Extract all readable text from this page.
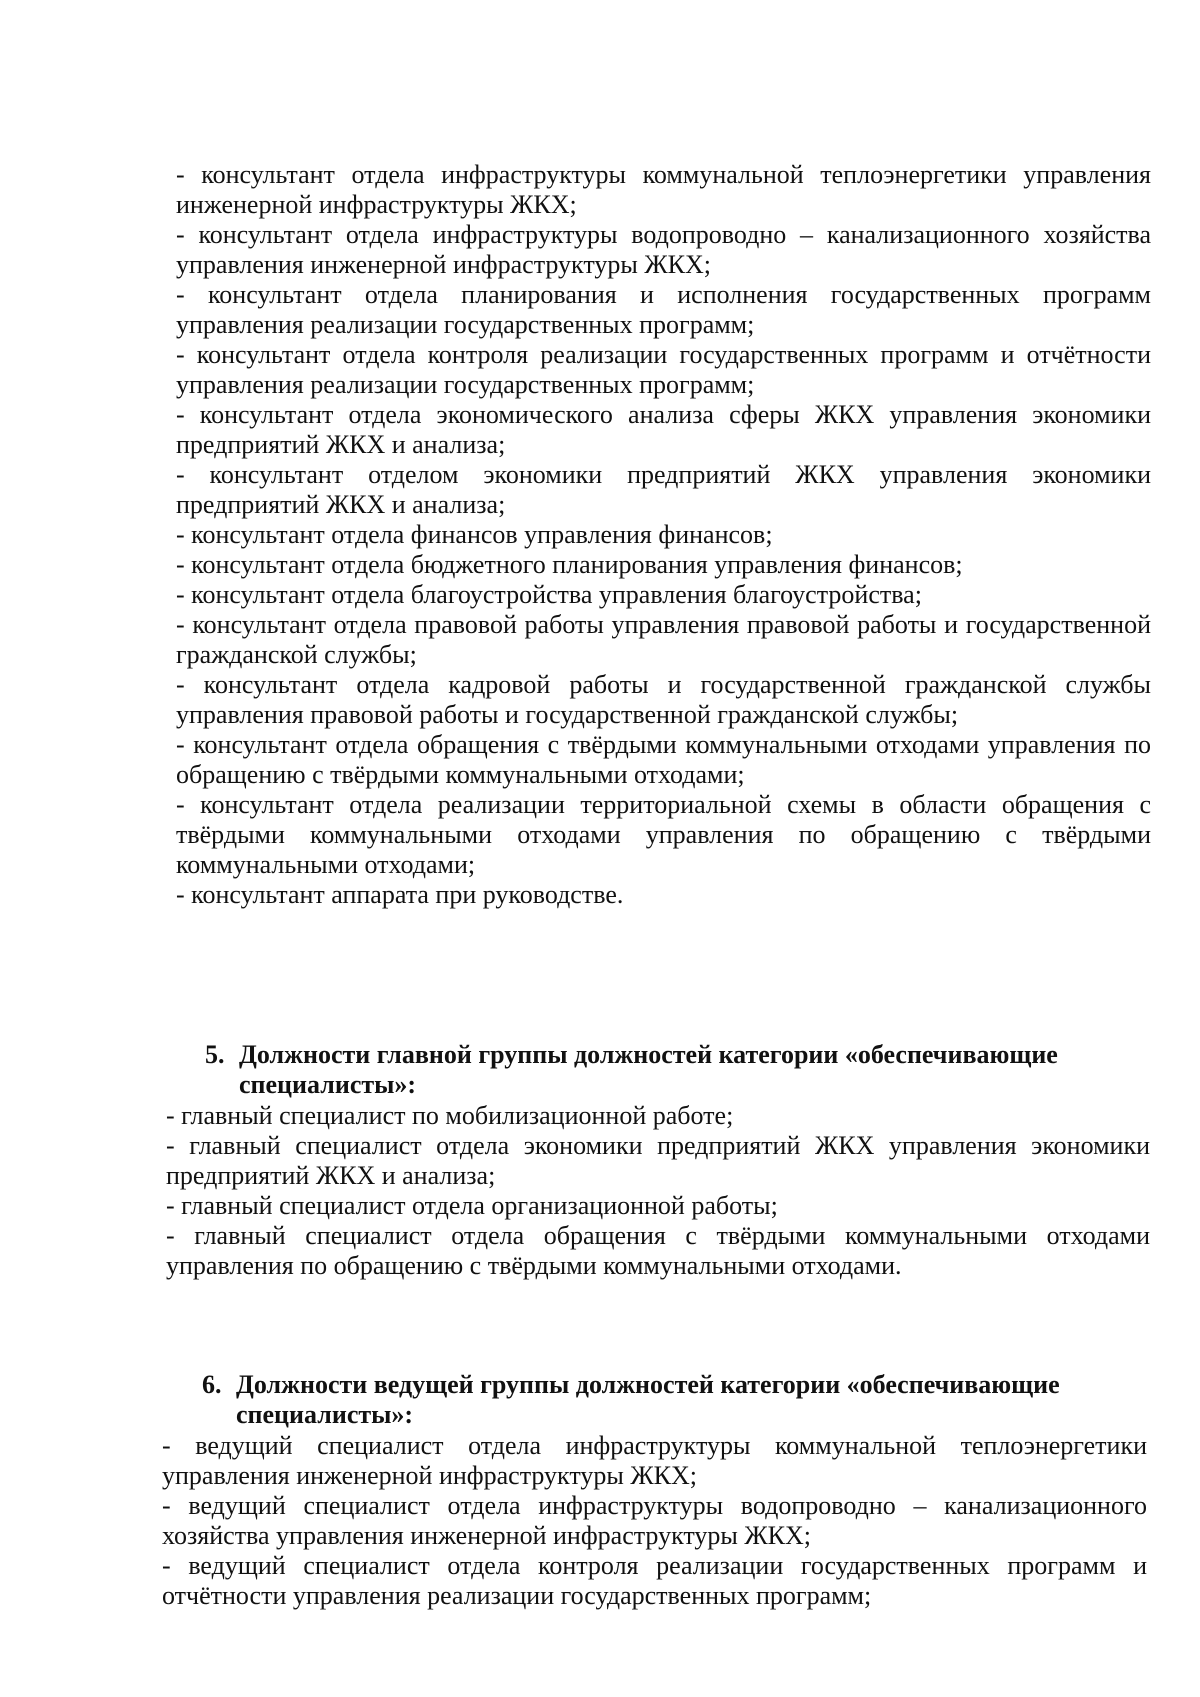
- консультант отдела инфраструктуры коммунальной теплоэнергетики управления инженерной инфраструктуры ЖКХ;

- консультант отдела инфраструктуры водопроводно – канализационного хозяйства управления инженерной инфраструктуры ЖКХ;

- консультант отдела планирования и исполнения государственных программ управления реализации государственных программ;

- консультант отдела контроля реализации государственных программ и отчётности управления реализации государственных программ;

- консультант отдела экономического анализа сферы ЖКХ управления экономики предприятий ЖКХ и анализа;

- консультант отделом экономики предприятий ЖКХ управления экономики предприятий ЖКХ и анализа;

- консультант отдела финансов управления финансов;

- консультант отдела бюджетного планирования управления финансов;

- консультант отдела благоустройства управления благоустройства;

- консультант отдела правовой работы управления правовой работы и государственной гражданской службы;

- консультант отдела кадровой работы и государственной гражданской службы управления правовой работы и государственной гражданской службы;

- консультант отдела обращения с твёрдыми коммунальными отходами управления по обращению с твёрдыми коммунальными отходами;

- консультант отдела реализации территориальной схемы в области обращения с твёрдыми коммунальными отходами управления по обращению с твёрдыми коммунальными отходами;

- консультант аппарата при руководстве.

5. Должности главной группы должностей категории «обеспечивающие
специалисты»:

- главный специалист по мобилизационной работе;

- главный специалист отдела экономики предприятий ЖКХ управления экономики предприятий ЖКХ и анализа;

- главный специалист отдела организационной работы;

- главный специалист отдела обращения с твёрдыми коммунальными отходами управления по обращению с твёрдыми коммунальными отходами.

6. Должности ведущей группы должностей категории «обеспечивающие
специалисты»:

- ведущий специалист отдела инфраструктуры коммунальной теплоэнергетики управления инженерной инфраструктуры ЖКХ;

- ведущий специалист отдела инфраструктуры водопроводно – канализационного хозяйства управления инженерной инфраструктуры ЖКХ;

- ведущий специалист отдела контроля реализации государственных программ и отчётности управления реализации государственных программ;
